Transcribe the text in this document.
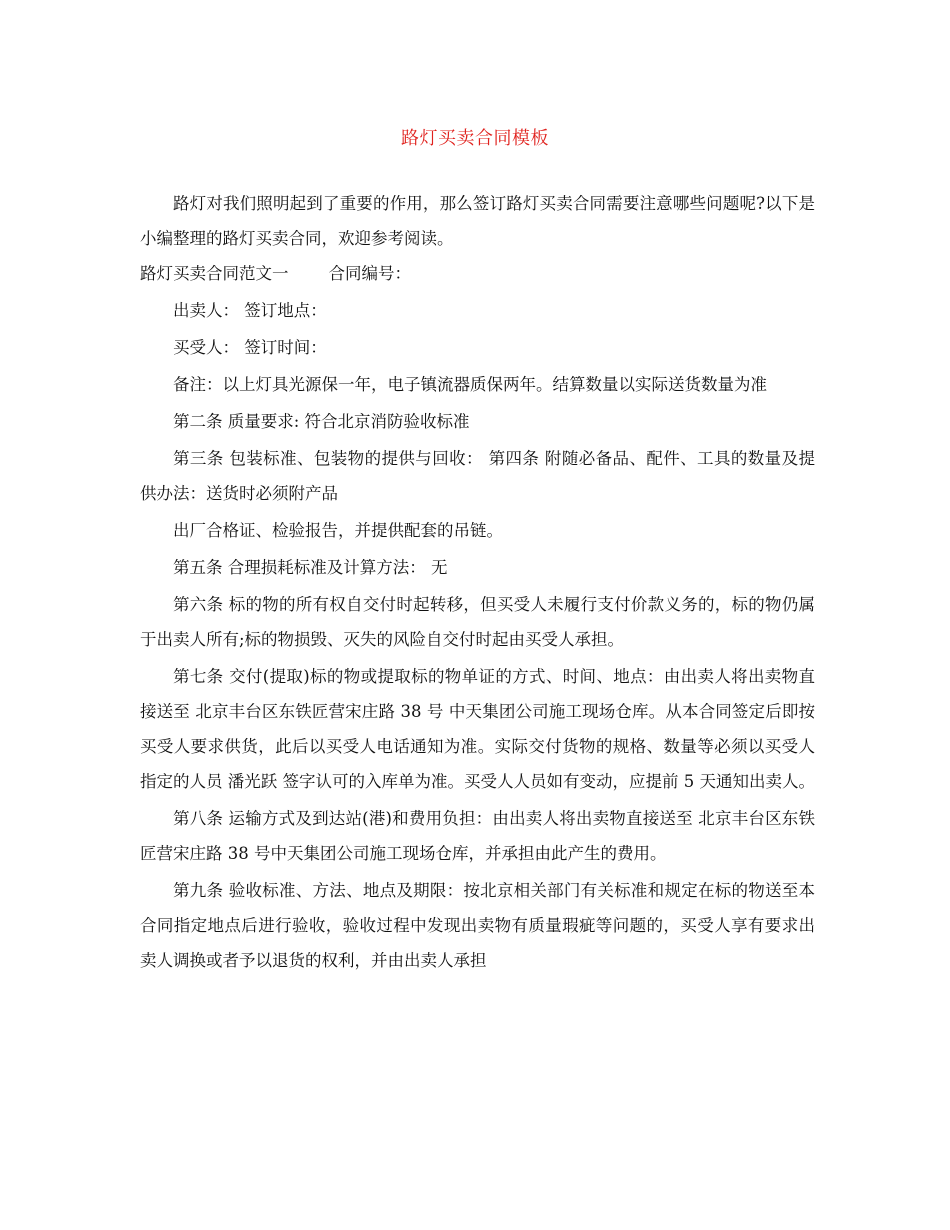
路灯买卖合同模板

路灯对我们照明起到了重要的作用，那么签订路灯买卖合同需要注意哪些问题呢?以下是小编整理的路灯买卖合同，欢迎参考阅读。

路灯买卖合同范文一 合同编号：

出卖人： 签订地点：

买受人： 签订时间：

备注：以上灯具光源保一年，电子镇流器质保两年。结算数量以实际送货数量为准

第二条 质量要求: 符合北京消防验收标准

第三条 包装标准、包装物的提供与回收： 第四条 附随必备品、配件、工具的数量及提供办法：送货时必须附产品

出厂合格证、检验报告，并提供配套的吊链。

第五条 合理损耗标准及计算方法： 无

第六条 标的物的所有权自交付时起转移，但买受人未履行支付价款义务的，标的物仍属于出卖人所有;标的物损毁、灭失的风险自交付时起由买受人承担。

第七条 交付(提取)标的物或提取标的物单证的方式、时间、地点：由出卖人将出卖物直接送至 北京丰台区东铁匠营宋庄路 38 号 中天集团公司施工现场仓库。从本合同签定后即按买受人要求供货，此后以买受人电话通知为准。实际交付货物的规格、数量等必须以买受人指定的人员 潘光跃 签字认可的入库单为准。买受人人员如有变动，应提前 5 天通知出卖人。

第八条 运输方式及到达站(港)和费用负担：由出卖人将出卖物直接送至 北京丰台区东铁匠营宋庄路 38 号中天集团公司施工现场仓库，并承担由此产生的费用。

第九条 验收标准、方法、地点及期限：按北京相关部门有关标准和规定在标的物送至本合同指定地点后进行验收，验收过程中发现出卖物有质量瑕疵等问题的，买受人享有要求出卖人调换或者予以退货的权利，并由出卖人承担
